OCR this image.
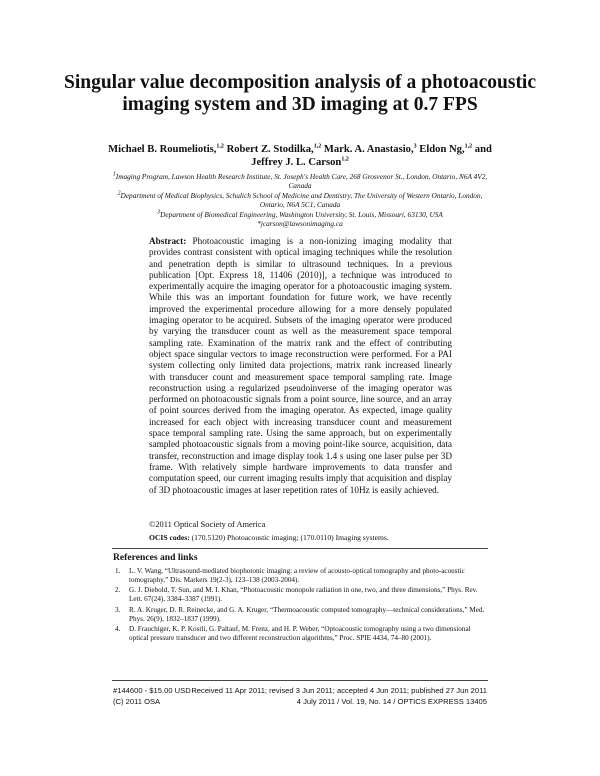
Singular value decomposition analysis of a photoacoustic imaging system and 3D imaging at 0.7 FPS
Michael B. Roumeliotis,$^{1,2}$ Robert Z. Stodilka,$^{1,2}$ Mark. A. Anastasio,$^3$ Eldon Ng,$^{1,2}$ and Jeffrey J. L. Carson$^{1,2}$
$^1$Imaging Program, Lawson Health Research Institute, St. Joseph's Health Care, 268 Grosvenor St., London, Ontario, N6A 4V2, Canada
$^2$Department of Medical Biophysics, Schulich School of Medicine and Dentistry, The University of Western Ontario, London, Ontario, N6A 5C1, Canada
$^3$Department of Biomedical Engineering, Washington University, St. Louis, Missouri, 63130, USA
*jcarson@lawsonimaging.ca

Abstract: Photoacoustic imaging is a non-ionizing imaging modality that provides contrast consistent with optical imaging techniques while the resolution and penetration depth is similar to ultrasound techniques. In a previous publication [Opt. Express 18, 11406 (2010)], a technique was introduced to experimentally acquire the imaging operator for a photoacoustic imaging system. While this was an important foundation for future work, we have recently improved the experimental procedure allowing for a more densely populated imaging operator to be acquired. Subsets of the imaging operator were produced by varying the transducer count as well as the measurement space temporal sampling rate. Examination of the matrix rank and the effect of contributing object space singular vectors to image reconstruction were performed. For a PAI system collecting only limited data projections, matrix rank increased linearly with transducer count and measurement space temporal sampling rate. Image reconstruction using a regularized pseudoinverse of the imaging operator was performed on photoacoustic signals from a point source, line source, and an array of point sources derived from the imaging operator. As expected, image quality increased for each object with increasing transducer count and measurement space temporal sampling rate. Using the same approach, but on experimentally sampled photoacoustic signals from a moving point-like source, acquisition, data transfer, reconstruction and image display took 1.4 s using one laser pulse per 3D frame. With relatively simple hardware improvements to data transfer and computation speed, our current imaging results imply that acquisition and display of 3D photoacoustic images at laser repetition rates of 10Hz is easily achieved.

©2011 Optical Society of America
OCIS codes: (170.5120) Photoacoustic imaging; (170.0110) Imaging systems.
References and links
1.	L. V. Wang, “Ultrasound-mediated biophotonic imaging: a review of acousto-optical tomography and photo-acoustic tomography,” Dis. Markers 19(2-3), 123–138 (2003-2004).
2.	G. J. Diebold, T. Sun, and M. I. Khan, “Photoacoustic monopole radiation in one, two, and three dimensions,” Phys. Rev. Lett. 67(24), 3384–3387 (1991).
3.	R. A. Kruger, D. R. Reinecke, and G. A. Kruger, “Thermoacoustic computed tomography—technical considerations,” Med. Phys. 26(9), 1832–1837 (1999).
4.	D. Frauchiger, K. P. Kostli, G. Paltauf, M. Frenz, and H. P. Weber, “Optoacoustic tomography using a two dimensional optical pressure transducer and two different reconstruction algorithms,” Proc. SPIE 4434, 74–80 (2001).
#144600 - $15.00 USD
(C) 2011 OSA
Received 11 Apr 2011; revised 3 Jun 2011; accepted 4 Jun 2011; published 27 Jun 2011
4 July 2011 / Vol. 19, No. 14 / OPTICS EXPRESS 13405
